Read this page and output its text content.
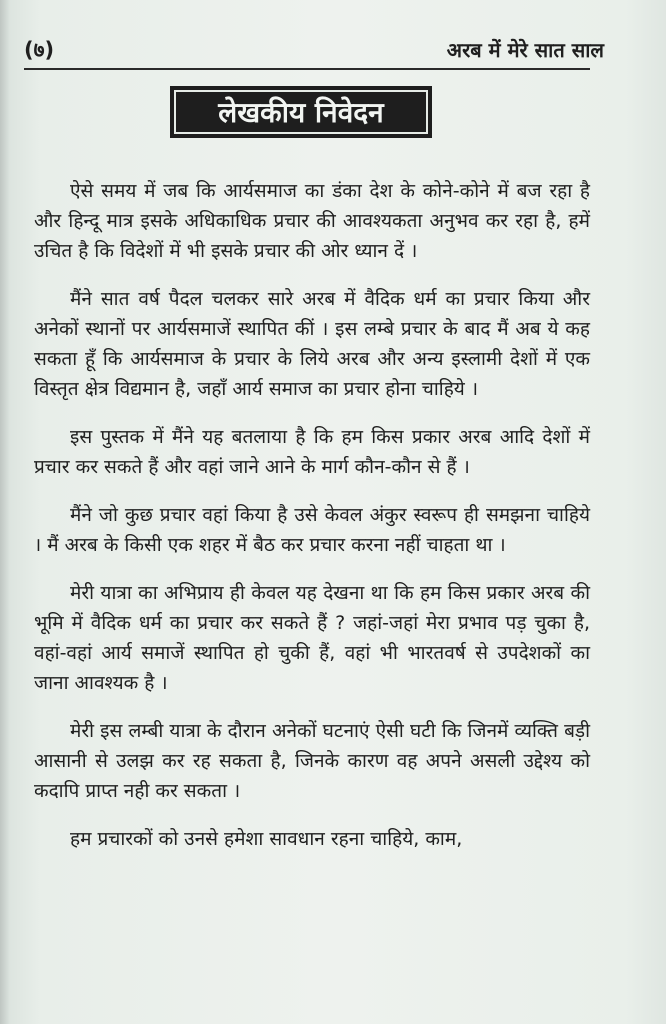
(७)	अरब में मेरे सात साल
लेखकीय निवेदन

ऐसे समय में जब कि आर्यसमाज का डंका देश के कोने-कोने में बज रहा है और हिन्दू मात्र इसके अधिकाधिक प्रचार की आवश्यकता अनुभव कर रहा है, हमें उचित है कि विदेशों में भी इसके प्रचार की ओर ध्यान दें ।

मैंने सात वर्ष पैदल चलकर सारे अरब में वैदिक धर्म का प्रचार किया और अनेकों स्थानों पर आर्यसमाजें स्थापित कीं । इस लम्बे प्रचार के बाद मैं अब ये कह सकता हूँ कि आर्यसमाज के प्रचार के लिये अरब और अन्य इस्लामी देशों में एक विस्तृत क्षेत्र विद्यमान है, जहाँ आर्य समाज का प्रचार होना चाहिये ।

इस पुस्तक में मैंने यह बतलाया है कि हम किस प्रकार अरब आदि देशों में प्रचार कर सकते हैं और वहां जाने आने के मार्ग कौन-कौन से हैं ।

मैंने जो कुछ प्रचार वहां किया है उसे केवल अंकुर स्वरूप ही समझना चाहिये । मैं अरब के किसी एक शहर में बैठ कर प्रचार करना नहीं चाहता था ।

मेरी यात्रा का अभिप्राय ही केवल यह देखना था कि हम किस प्रकार अरब की भूमि में वैदिक धर्म का प्रचार कर सकते हैं ? जहां-जहां मेरा प्रभाव पड़ चुका है, वहां-वहां आर्य समाजें स्थापित हो चुकी हैं, वहां भी भारतवर्ष से उपदेशकों का जाना आवश्यक है ।

मेरी इस लम्बी यात्रा के दौरान अनेकों घटनाएं ऐसी घटी कि जिनमें व्यक्ति बड़ी आसानी से उलझ कर रह सकता है, जिनके कारण वह अपने असली उद्देश्य को कदापि प्राप्त नही कर सकता ।

हम प्रचारकों को उनसे हमेशा सावधान रहना चाहिये, काम,
